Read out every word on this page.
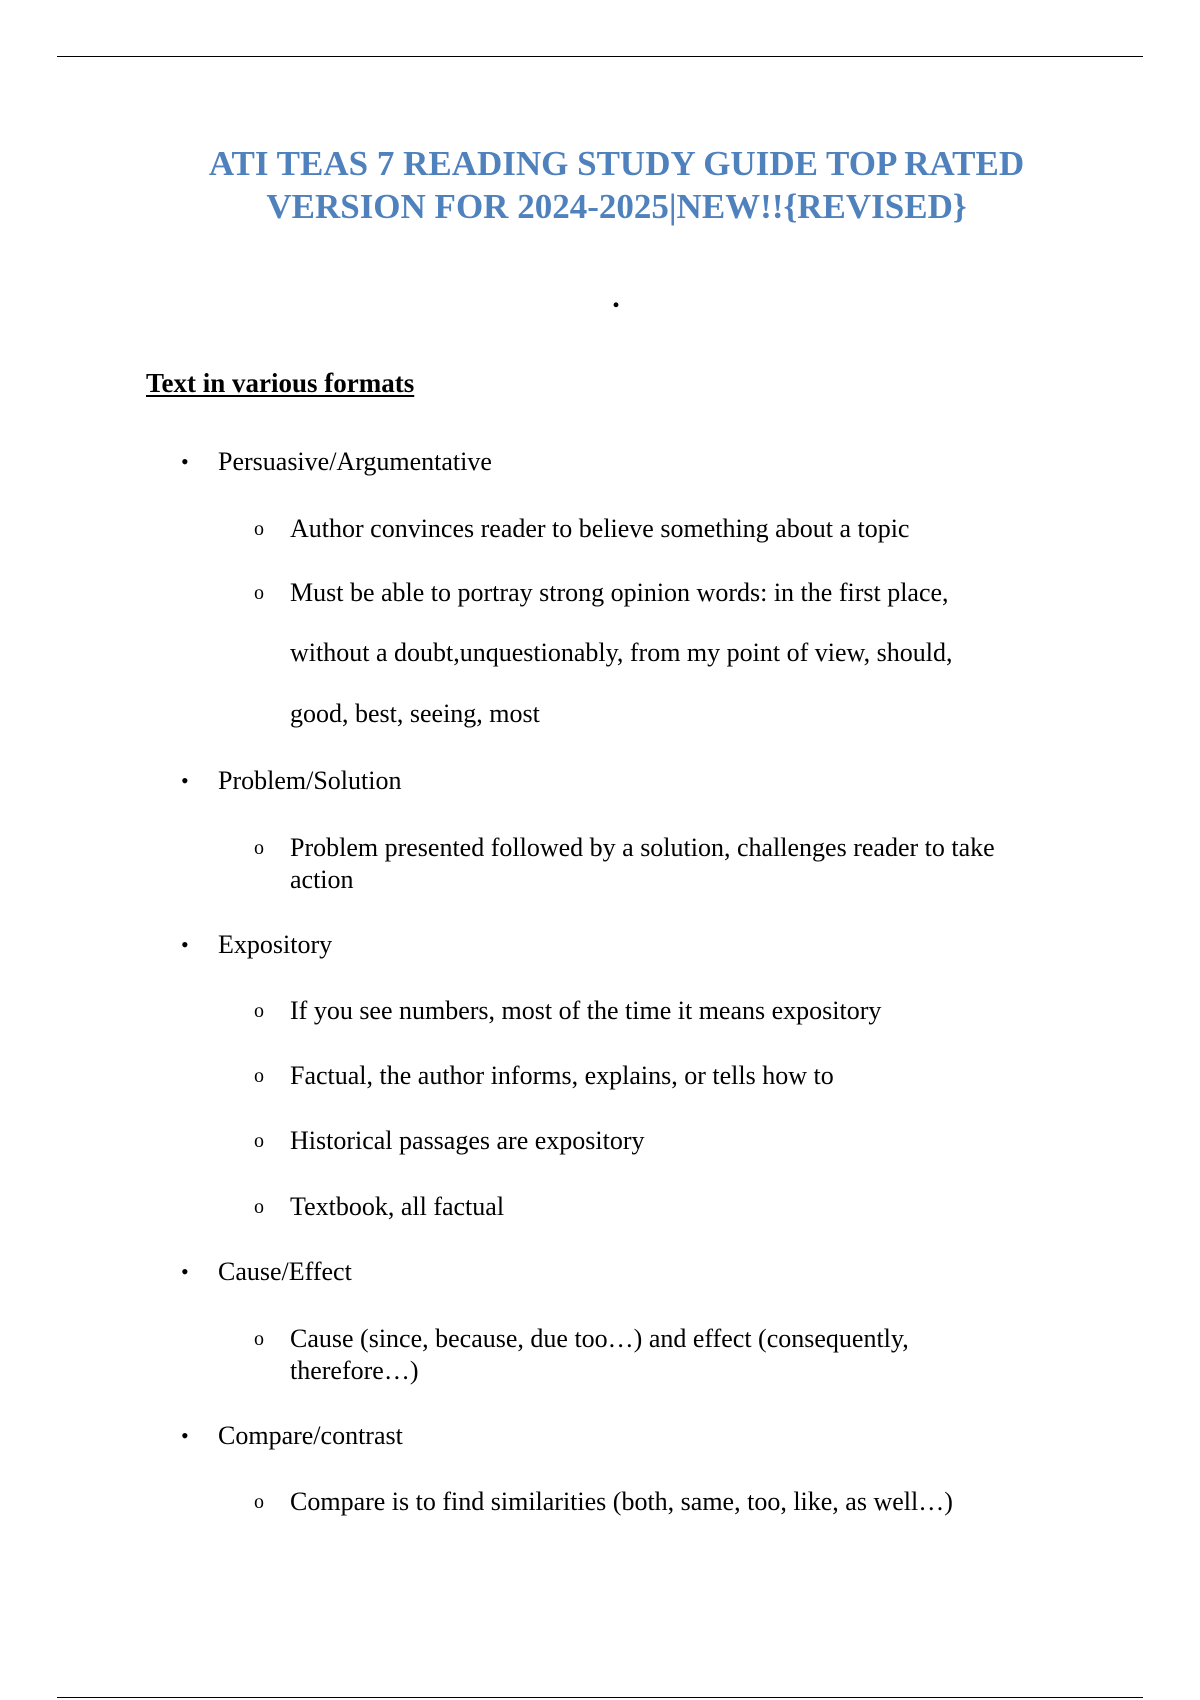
ATI TEAS 7 READING STUDY GUIDE TOP RATED
VERSION FOR 2024-2025|NEW!!{REVISED}
.
Text in various formats
• Persuasive/Argumentative
o Author convinces reader to believe something about a topic
o Must be able to portray strong opinion words: in the first place,
without a doubt,unquestionably, from my point of view, should,
good, best, seeing, most
• Problem/Solution
o Problem presented followed by a solution, challenges reader to take
action
• Expository
o If you see numbers, most of the time it means expository
o Factual, the author informs, explains, or tells how to
o Historical passages are expository
o Textbook, all factual
• Cause/Effect
o Cause (since, because, due too…) and effect (consequently,
therefore…)
• Compare/contrast
o Compare is to find similarities (both, same, too, like, as well…)
